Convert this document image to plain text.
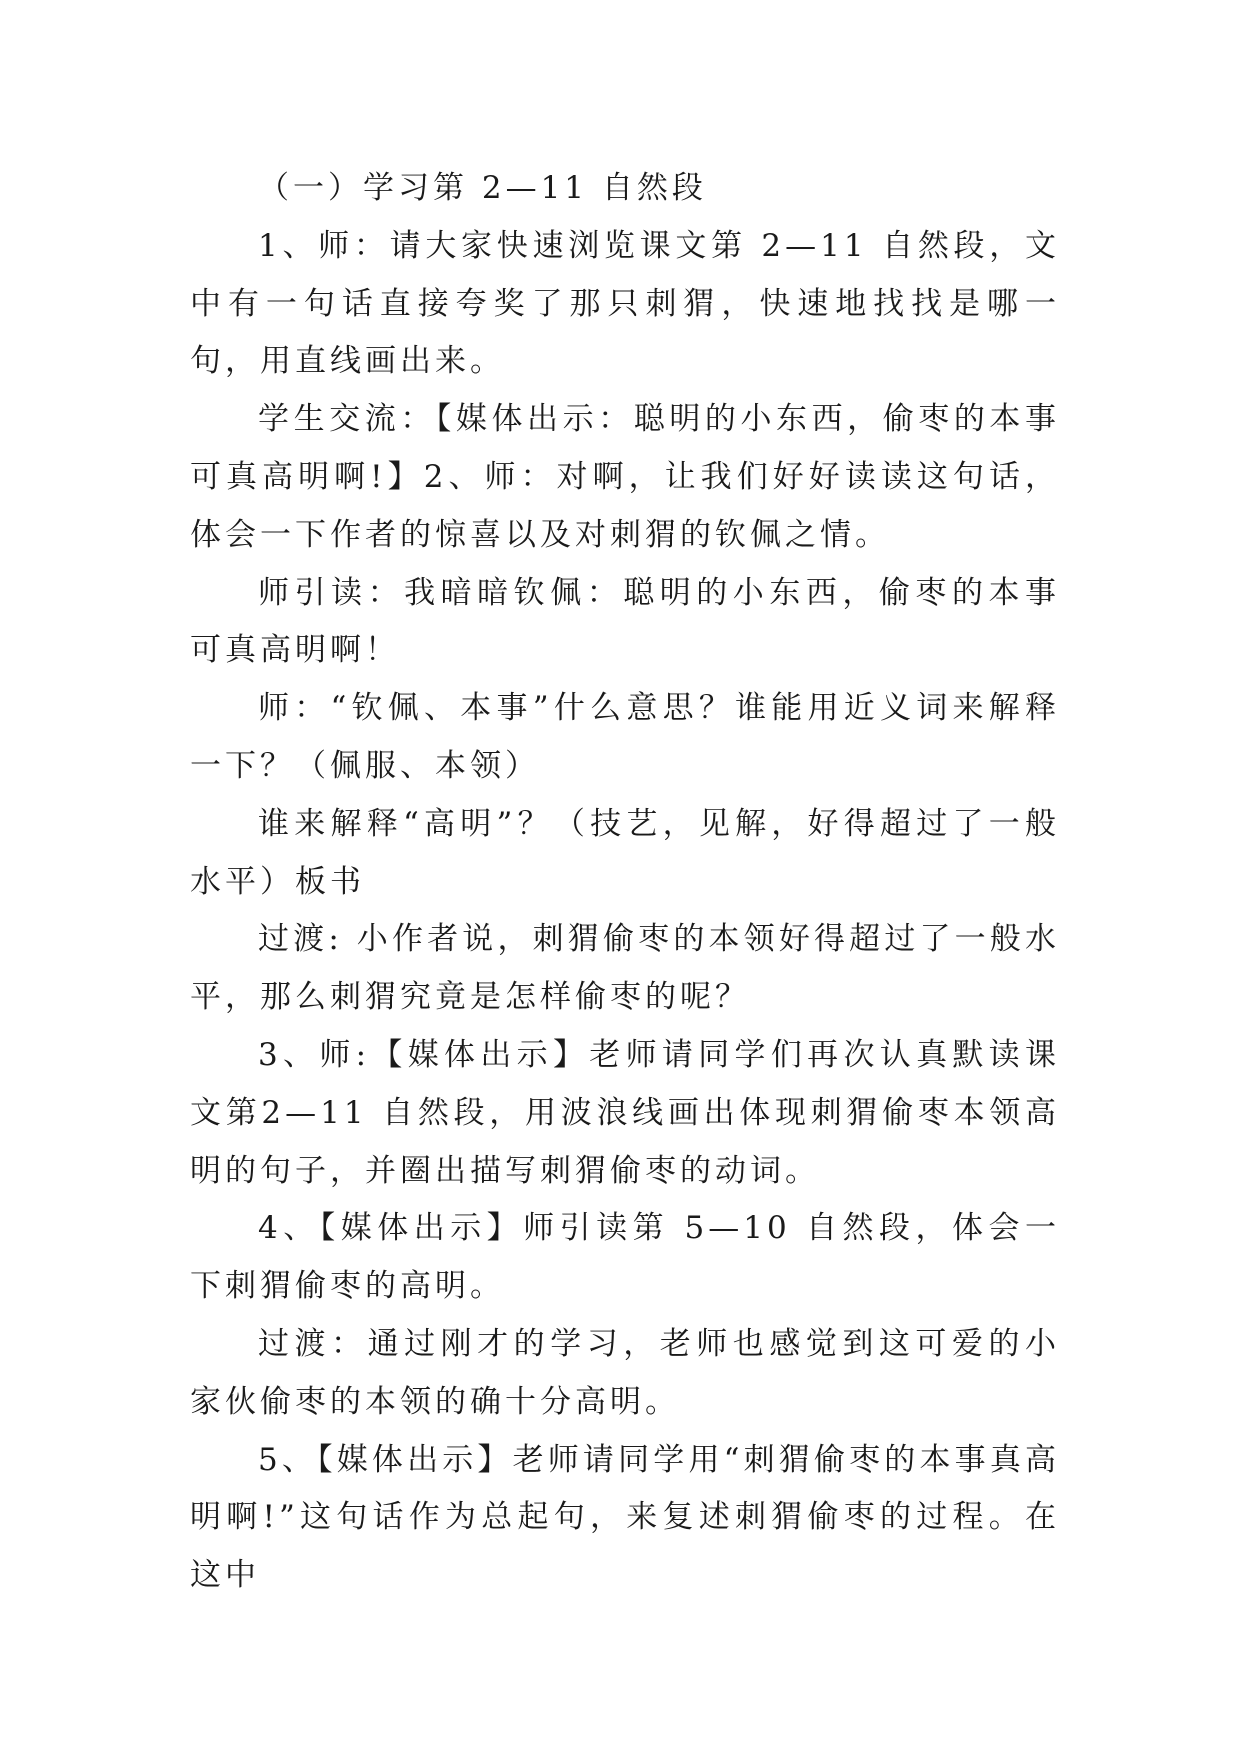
（一）学习第 2—11 自然段

1、师：请大家快速浏览课文第 2—11 自然段，文中有一句话直接夸奖了那只刺猬，快速地找找是哪一句，用直线画出来。

学生交流：【媒体出示：聪明的小东西，偷枣的本事可真高明啊!】2、师：对啊，让我们好好读读这句话，体会一下作者的惊喜以及对刺猬的钦佩之情。

师引读：我暗暗钦佩：聪明的小东西，偷枣的本事可真高明啊！

师：“钦佩、本事”什么意思？谁能用近义词来解释一下？（佩服、本领）

谁来解释“高明”？（技艺，见解，好得超过了一般水平）板书

过渡: 小作者说，刺猬偷枣的本领好得超过了一般水平，那么刺猬究竟是怎样偷枣的呢？

3、师:【媒体出示】老师请同学们再次认真默读课文第2—11 自然段，用波浪线画出体现刺猬偷枣本领高明的句子，并圈出描写刺猬偷枣的动词。

4、【媒体出示】师引读第 5—10 自然段，体会一下刺猬偷枣的高明。

过渡：通过刚才的学习，老师也感觉到这可爱的小家伙偷枣的本领的确十分高明。

5、【媒体出示】老师请同学用“刺猬偷枣的本事真高明啊!”这句话作为总起句，来复述刺猬偷枣的过程。在这中
